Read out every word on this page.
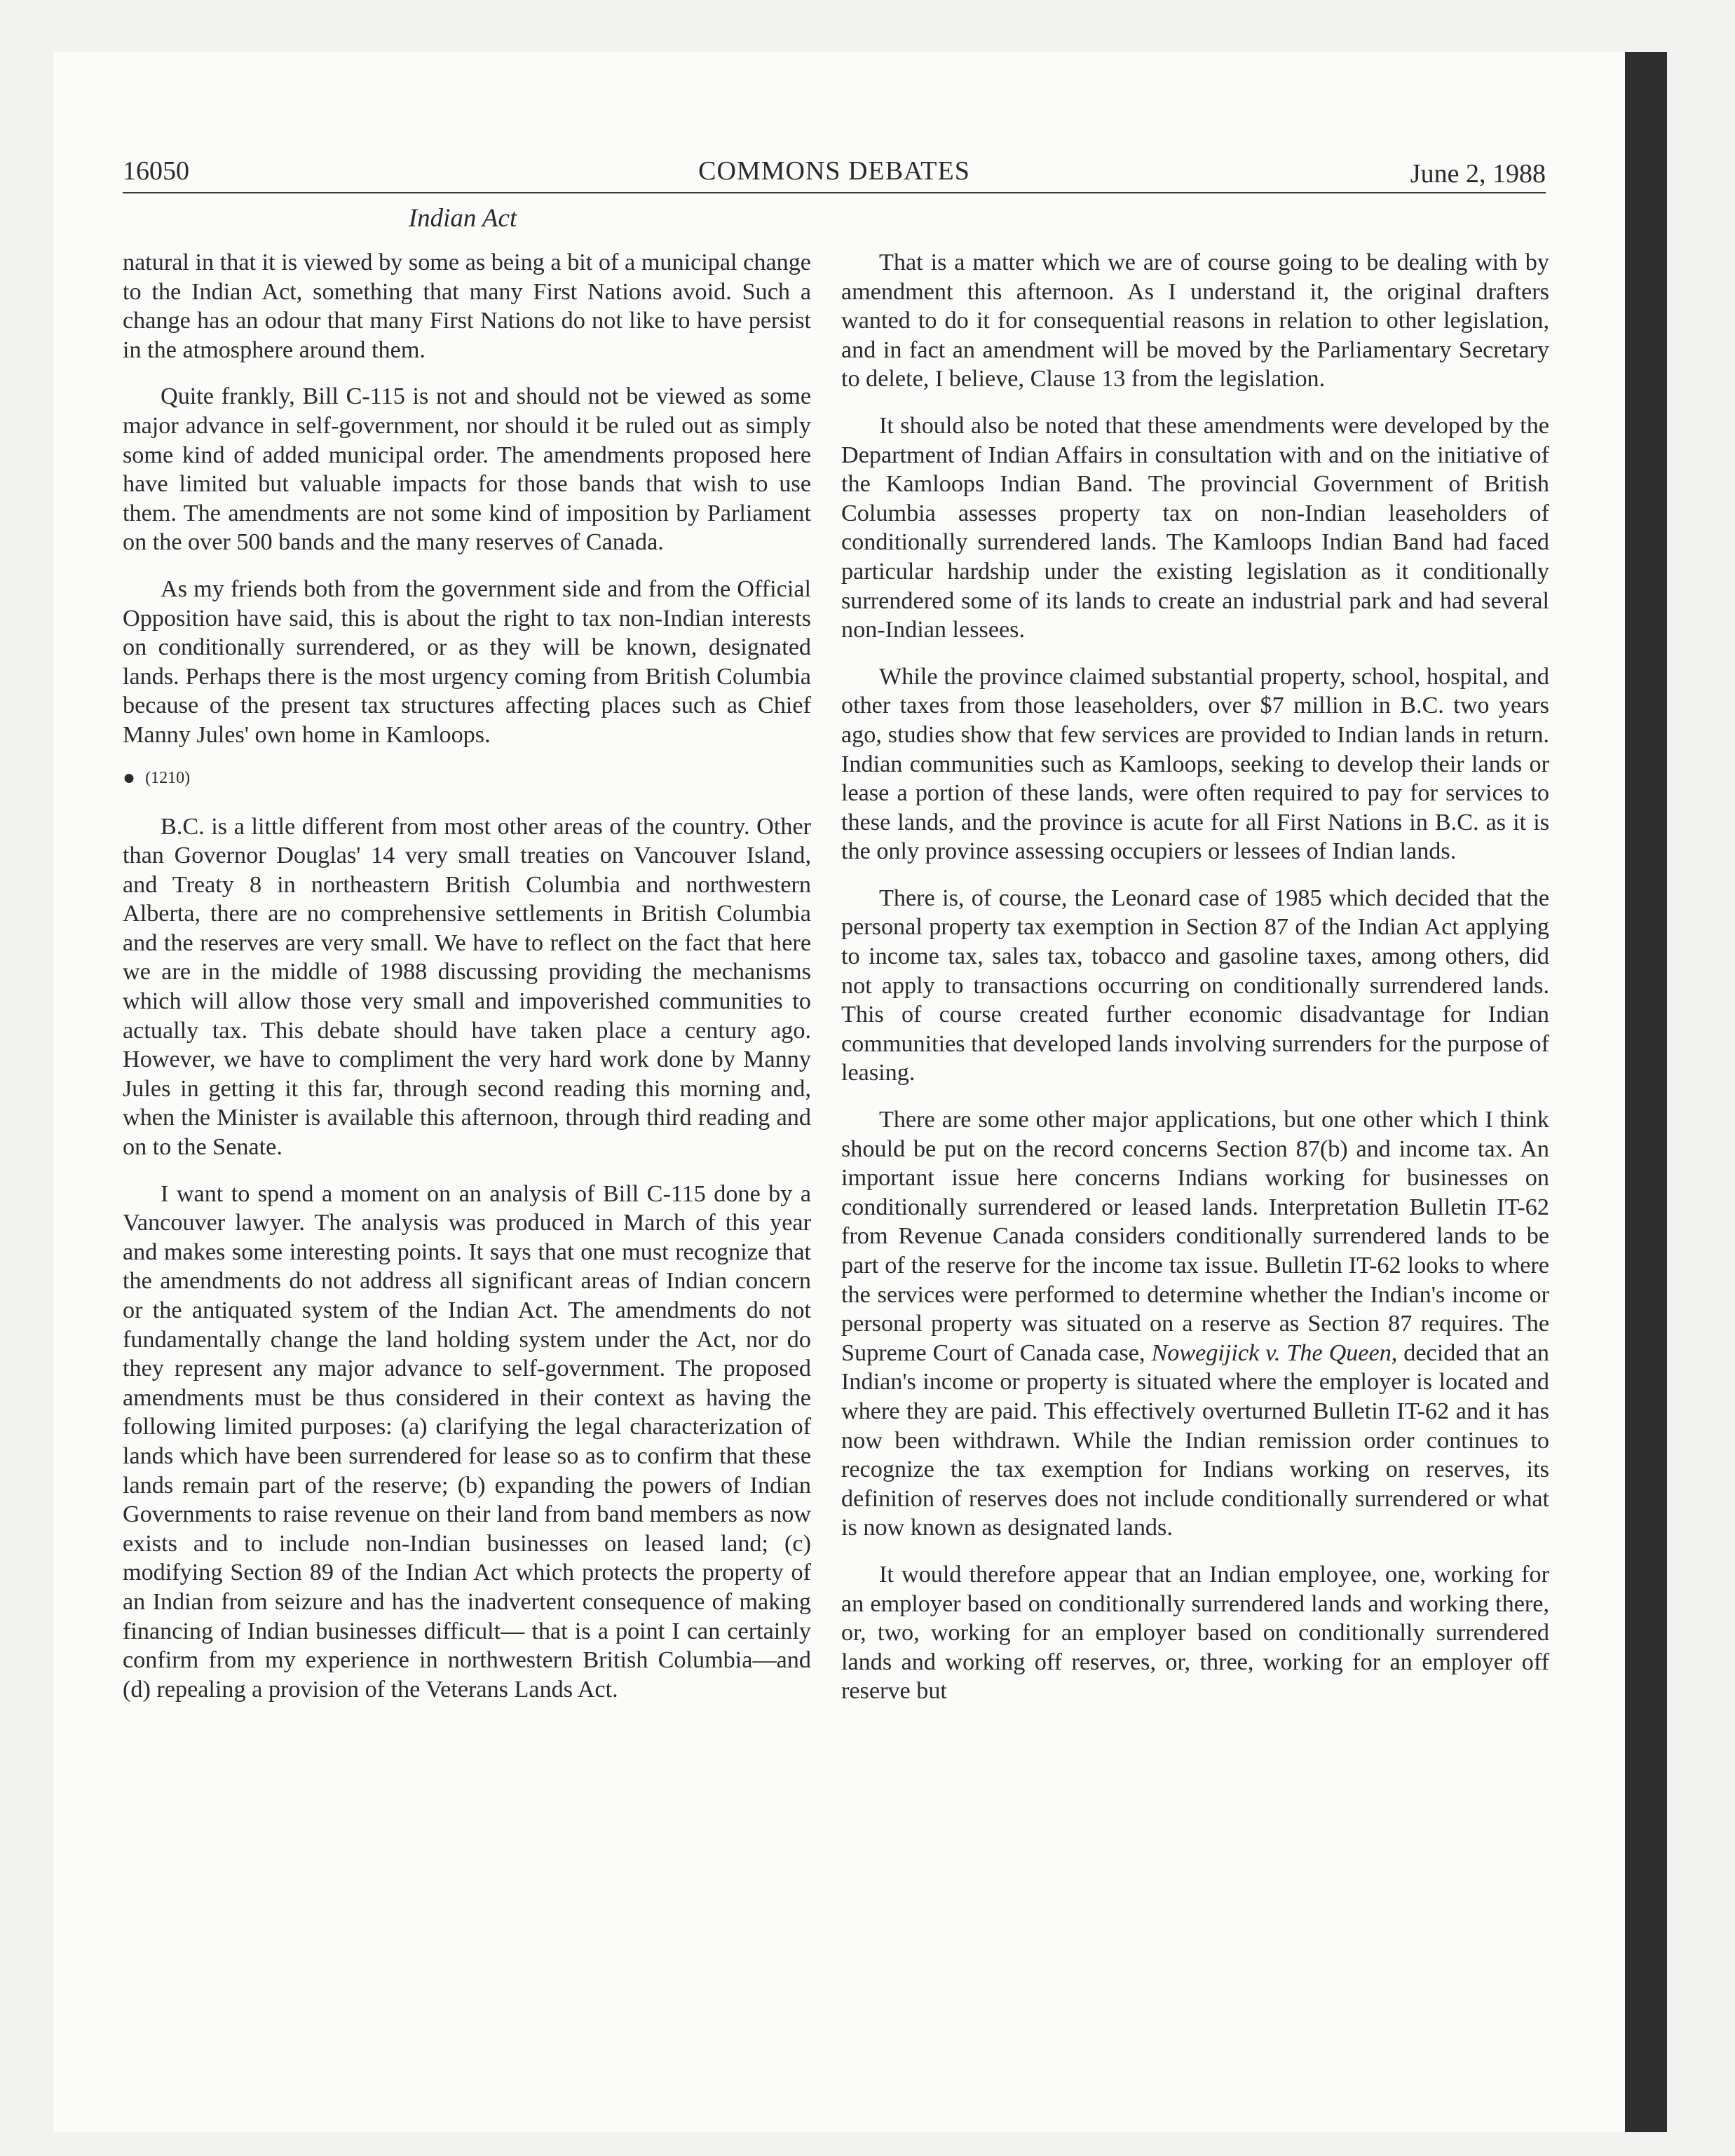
16050	COMMONS DEBATES	June 2, 1988
Indian Act

natural in that it is viewed by some as being a bit of a municipal change to the Indian Act, something that many First Nations avoid. Such a change has an odour that many First Nations do not like to have persist in the atmosphere around them.

Quite frankly, Bill C-115 is not and should not be viewed as some major advance in self-government, nor should it be ruled out as simply some kind of added municipal order. The amendments proposed here have limited but valuable impacts for those bands that wish to use them. The amendments are not some kind of imposition by Parliament on the over 500 bands and the many reserves of Canada.

As my friends both from the government side and from the Official Opposition have said, this is about the right to tax non-Indian interests on conditionally surrendered, or as they will be known, designated lands. Perhaps there is the most urgency coming from British Columbia because of the present tax structures affecting places such as Chief Manny Jules' own home in Kamloops.

● (1210)

B.C. is a little different from most other areas of the country. Other than Governor Douglas' 14 very small treaties on Vancouver Island, and Treaty 8 in northeastern British Columbia and northwestern Alberta, there are no comprehensive settlements in British Columbia and the reserves are very small. We have to reflect on the fact that here we are in the middle of 1988 discussing providing the mechanisms which will allow those very small and impoverished communities to actually tax. This debate should have taken place a century ago. However, we have to compliment the very hard work done by Manny Jules in getting it this far, through second reading this morning and, when the Minister is available this afternoon, through third reading and on to the Senate.

I want to spend a moment on an analysis of Bill C-115 done by a Vancouver lawyer. The analysis was produced in March of this year and makes some interesting points. It says that one must recognize that the amendments do not address all significant areas of Indian concern or the antiquated system of the Indian Act. The amendments do not fundamentally change the land holding system under the Act, nor do they represent any major advance to self-government. The proposed amendments must be thus considered in their context as having the following limited purposes: (a) clarifying the legal characterization of lands which have been surrendered for lease so as to confirm that these lands remain part of the reserve; (b) expanding the powers of Indian Governments to raise revenue on their land from band members as now exists and to include non-Indian businesses on leased land; (c) modifying Section 89 of the Indian Act which protects the property of an Indian from seizure and has the inadvertent consequence of making financing of Indian businesses difficult— that is a point I can certainly confirm from my experience in northwestern British Columbia—and (d) repealing a provision of the Veterans Lands Act.

That is a matter which we are of course going to be dealing with by amendment this afternoon. As I understand it, the original drafters wanted to do it for consequential reasons in relation to other legislation, and in fact an amendment will be moved by the Parliamentary Secretary to delete, I believe, Clause 13 from the legislation.

It should also be noted that these amendments were developed by the Department of Indian Affairs in consultation with and on the initiative of the Kamloops Indian Band. The provincial Government of British Columbia assesses property tax on non-Indian leaseholders of conditionally surrendered lands. The Kamloops Indian Band had faced particular hardship under the existing legislation as it conditionally surrendered some of its lands to create an industrial park and had several non-Indian lessees.

While the province claimed substantial property, school, hospital, and other taxes from those leaseholders, over $7 million in B.C. two years ago, studies show that few services are provided to Indian lands in return. Indian communities such as Kamloops, seeking to develop their lands or lease a portion of these lands, were often required to pay for services to these lands, and the province is acute for all First Nations in B.C. as it is the only province assessing occupiers or lessees of Indian lands.

There is, of course, the Leonard case of 1985 which decided that the personal property tax exemption in Section 87 of the Indian Act applying to income tax, sales tax, tobacco and gasoline taxes, among others, did not apply to transactions occurring on conditionally surrendered lands. This of course created further economic disadvantage for Indian communities that developed lands involving surrenders for the purpose of leasing.

There are some other major applications, but one other which I think should be put on the record concerns Section 87(b) and income tax. An important issue here concerns Indians working for businesses on conditionally surrendered or leased lands. Interpretation Bulletin IT-62 from Revenue Canada considers conditionally surrendered lands to be part of the reserve for the income tax issue. Bulletin IT-62 looks to where the services were performed to determine whether the Indian's income or personal property was situated on a reserve as Section 87 requires. The Supreme Court of Canada case, Nowegijick v. The Queen, decided that an Indian's income or property is situated where the employer is located and where they are paid. This effectively overturned Bulletin IT-62 and it has now been withdrawn. While the Indian remission order continues to recognize the tax exemption for Indians working on reserves, its definition of reserves does not include conditionally surrendered or what is now known as designated lands.

It would therefore appear that an Indian employee, one, working for an employer based on conditionally surrendered lands and working there, or, two, working for an employer based on conditionally surrendered lands and working off reserves, or, three, working for an employer off reserve but
